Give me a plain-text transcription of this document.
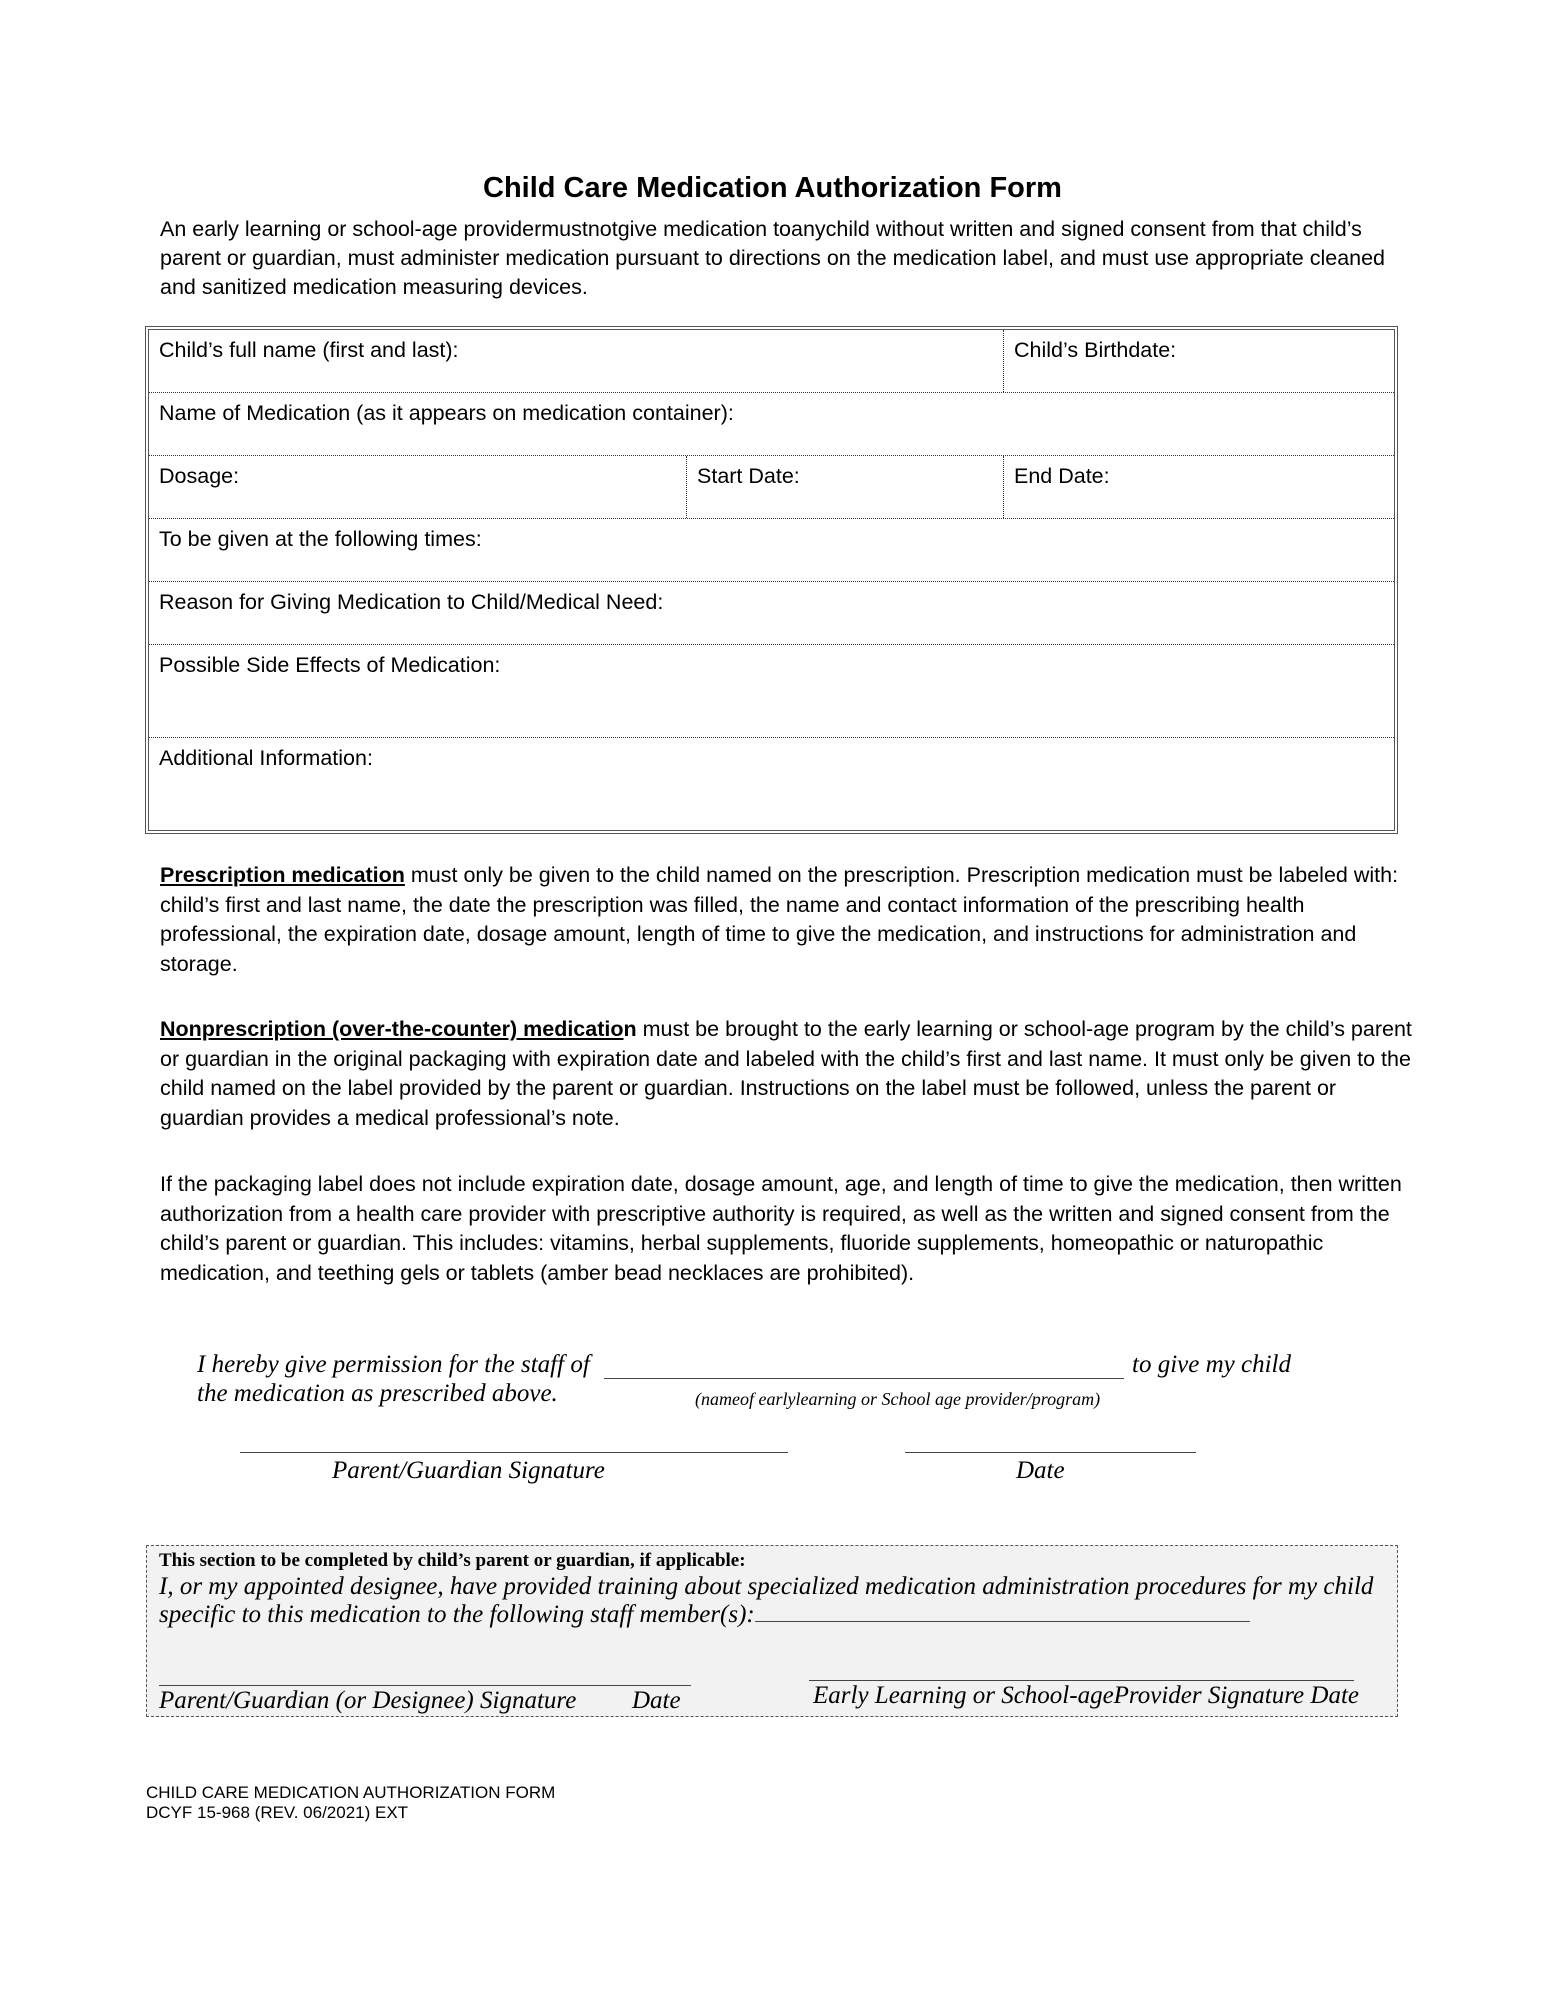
Child Care Medication Authorization Form
An early learning or school-age providermustnotgive medication toanychild without written and signed consent from that child’s parent or guardian, must administer medication pursuant to directions on the medication label, and must use appropriate cleaned and sanitized medication measuring devices.
Child’s full name (first and last):	Child’s Birthdate:
Name of Medication (as it appears on medication container):
Dosage:	Start Date:	End Date:
To be given at the following times:
Reason for Giving Medication to Child/Medical Need:
Possible Side Effects of Medication:
Additional Information:
Prescription medication must only be given to the child named on the prescription. Prescription medication must be labeled with: child’s first and last name, the date the prescription was filled, the name and contact information of the prescribing health professional, the expiration date, dosage amount, length of time to give the medication, and instructions for administration and storage.
Nonprescription (over-the-counter) medication must be brought to the early learning or school-age program by the child’s parent or guardian in the original packaging with expiration date and labeled with the child’s first and last name. It must only be given to the child named on the label provided by the parent or guardian. Instructions on the label must be followed, unless the parent or guardian provides a medical professional’s note.
If the packaging label does not include expiration date, dosage amount, age, and length of time to give the medication, then written authorization from a health care provider with prescriptive authority is required, as well as the written and signed consent from the child’s parent or guardian. This includes: vitamins, herbal supplements, fluoride supplements, homeopathic or naturopathic medication, and teething gels or tablets (amber bead necklaces are prohibited).
I hereby give permission for the staff of	to give my child
the medication as prescribed above.	(nameof earlylearning or School age provider/program)
Parent/Guardian Signature	Date
This section to be completed by child’s parent or guardian, if applicable:
I, or my appointed designee, have provided training about specialized medication administration procedures for my child specific to this medication to the following staff member(s):
Parent/Guardian (or Designee) Signature Date	Early Learning or School-ageProvider Signature Date
CHILD CARE MEDICATION AUTHORIZATION FORM
DCYF 15-968 (REV. 06/2021) EXT
